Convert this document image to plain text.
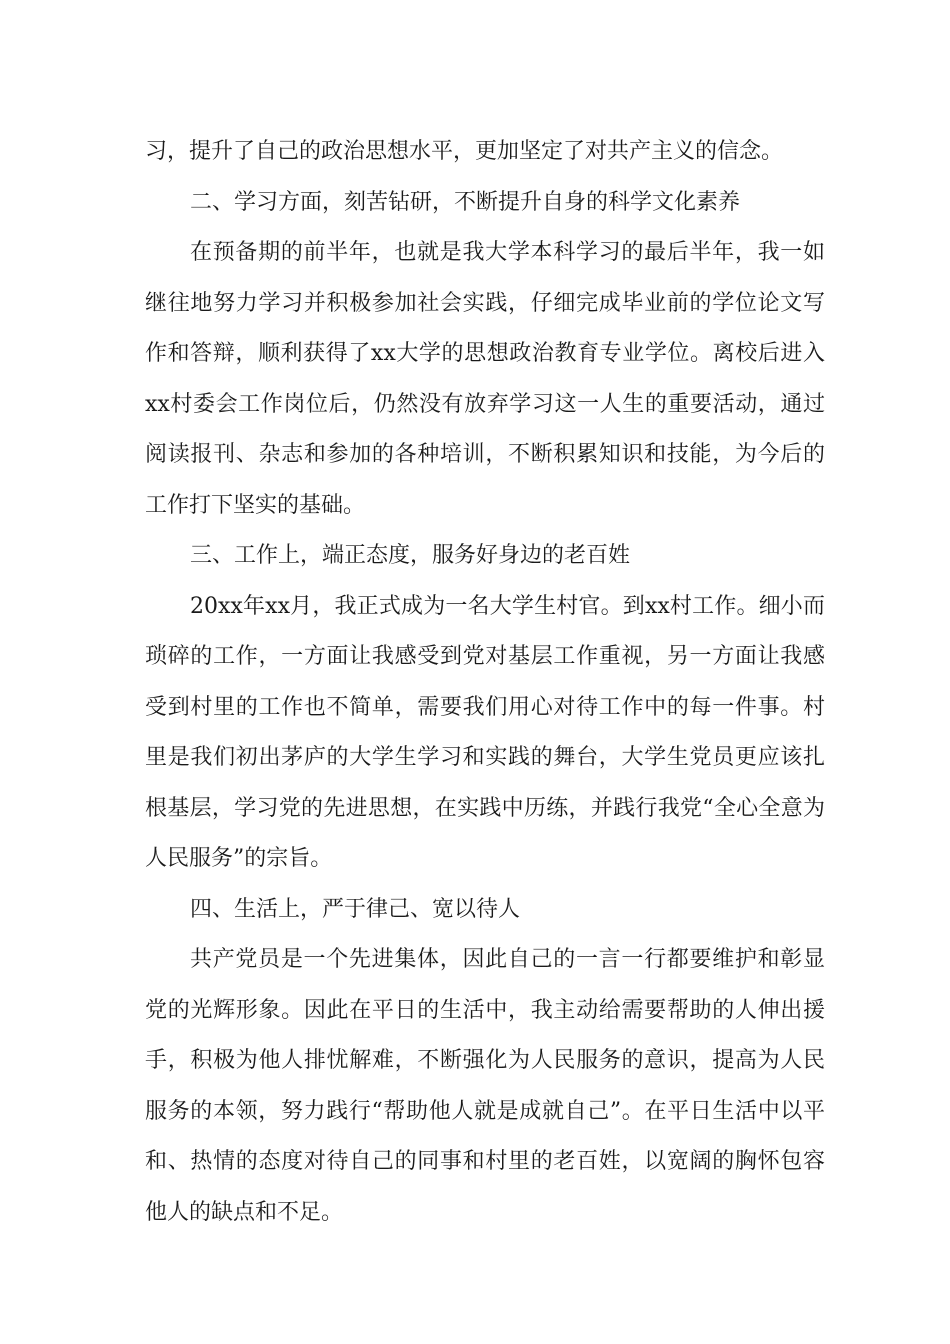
习，提升了自己的政治思想水平，更加坚定了对共产主义的信念。

二、学习方面，刻苦钻研，不断提升自身的科学文化素养

在预备期的前半年，也就是我大学本科学习的最后半年，我一如继往地努力学习并积极参加社会实践，仔细完成毕业前的学位论文写作和答辩，顺利获得了xx大学的思想政治教育专业学位。离校后进入xx村委会工作岗位后，仍然没有放弃学习这一人生的重要活动，通过阅读报刊、杂志和参加的各种培训，不断积累知识和技能，为今后的工作打下坚实的基础。

三、工作上，端正态度，服务好身边的老百姓

20xx年xx月，我正式成为一名大学生村官。到xx村工作。细小而琐碎的工作，一方面让我感受到党对基层工作重视，另一方面让我感受到村里的工作也不简单，需要我们用心对待工作中的每一件事。村里是我们初出茅庐的大学生学习和实践的舞台，大学生党员更应该扎根基层，学习党的先进思想，在实践中历练，并践行我党“全心全意为人民服务”的宗旨。

四、生活上，严于律己、宽以待人

共产党员是一个先进集体，因此自己的一言一行都要维护和彰显党的光辉形象。因此在平日的生活中，我主动给需要帮助的人伸出援手，积极为他人排忧解难，不断强化为人民服务的意识，提高为人民服务的本领，努力践行“帮助他人就是成就自己”。在平日生活中以平和、热情的态度对待自己的同事和村里的老百姓，以宽阔的胸怀包容他人的缺点和不足。
